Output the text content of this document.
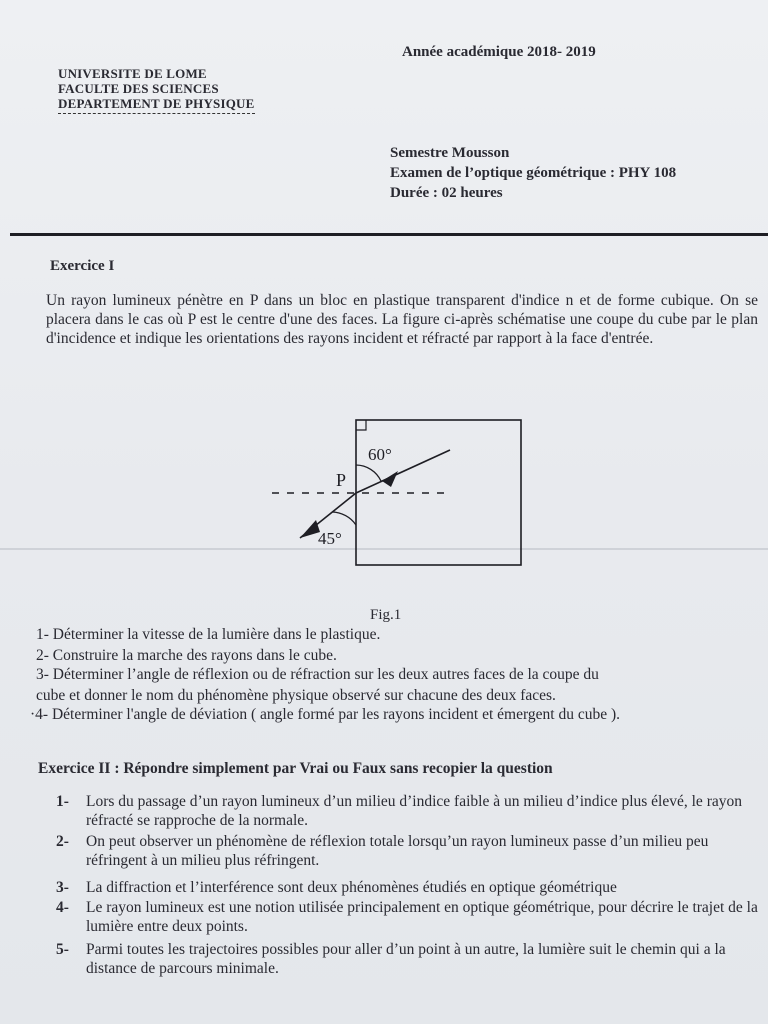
Année académique 2018- 2019
UNIVERSITE DE LOME
FACULTE DES SCIENCES
DEPARTEMENT DE PHYSIQUE
Semestre Mousson
Examen de l’optique géométrique : PHY 108
Durée : 02 heures
Exercice I
Un rayon lumineux pénètre en P dans un bloc en plastique transparent d'indice n et de forme cubique. On se placera dans le cas où P est le centre d'une des faces. La figure ci-après schématise une coupe du cube par le plan d'incidence et indique les orientations des rayons incident et réfracté par rapport à la face d'entrée.
P
60°
45°
Fig.1
1- Déterminer la vitesse de la lumière dans le plastique.
2- Construire la marche des rayons dans le cube.
3- Déterminer l’angle de réflexion ou de réfraction sur les deux autres faces de la coupe du
cube et donner le nom du phénomène physique observé sur chacune des deux faces.
·4- Déterminer l'angle de déviation ( angle formé par les rayons incident et émergent du cube ).
Exercice II : Répondre simplement par Vrai ou Faux sans recopier la question
1- Lors du passage d’un rayon lumineux d’un milieu d’indice faible à un milieu d’indice plus élevé, le rayon réfracté se rapproche de la normale.
2- On peut observer un phénomène de réflexion totale lorsqu’un rayon lumineux passe d’un milieu peu réfringent à un milieu plus réfringent.
3- La diffraction et l’interférence sont deux phénomènes étudiés en optique géométrique
4- Le rayon lumineux est une notion utilisée principalement en optique géométrique, pour décrire le trajet de la lumière entre deux points.
5- Parmi toutes les trajectoires possibles pour aller d’un point à un autre, la lumière suit le chemin qui a la distance de parcours minimale.
